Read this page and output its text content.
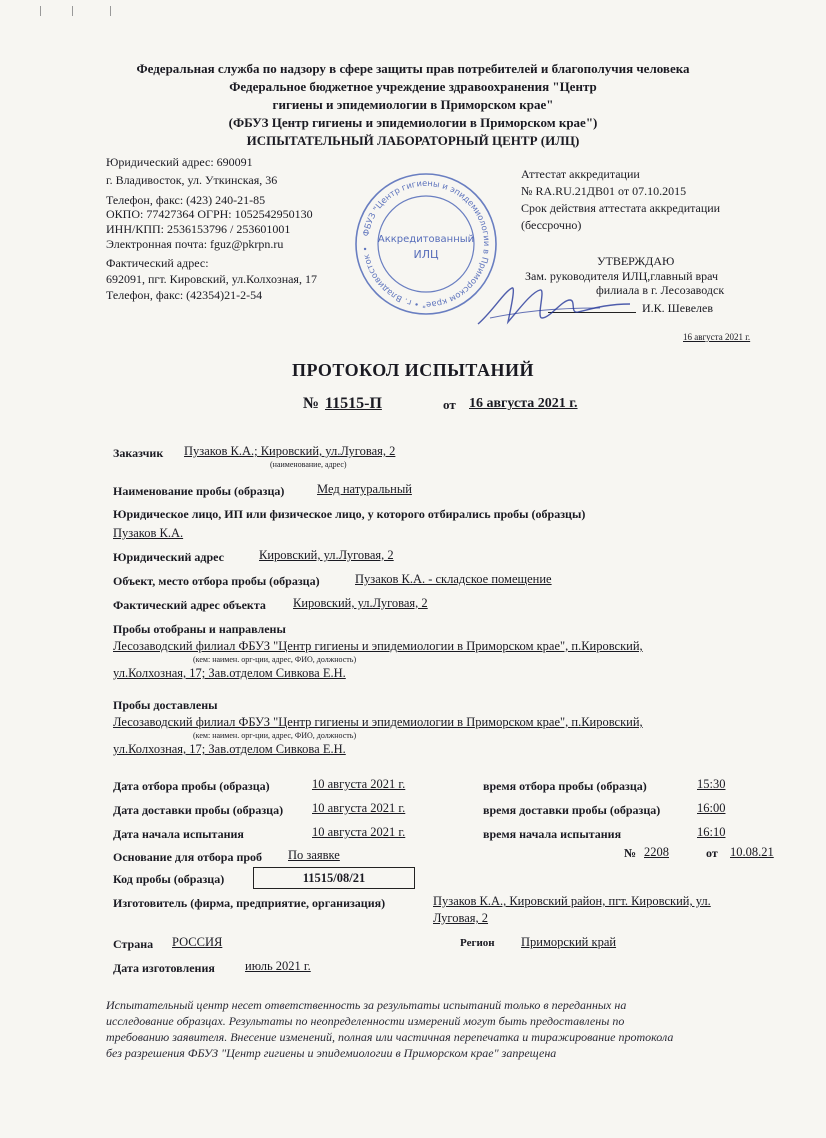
Федеральная служба по надзору в сфере защиты прав потребителей и благополучия человека
Федеральное бюджетное учреждение здравоохранения "Центр
гигиены и эпидемиологии в Приморском крае"
(ФБУЗ Центр гигиены и эпидемиологии в Приморском крае")
ИСПЫТАТЕЛЬНЫЙ ЛАБОРАТОРНЫЙ ЦЕНТР (ИЛЦ)
Юридический адрес: 690091
г. Владивосток, ул. Уткинская, 36
Телефон, факс: (423) 240-21-85
ОКПО: 77427364 ОГРН: 1052542950130
ИНН/КПП: 2536153796 / 253601001
Электронная почта: fguz@pkrpn.ru
Фактический адрес:
692091, пгт. Кировский, ул.Колхозная, 17
Телефон, факс: (42354)21-2-54
Аттестат аккредитации
№ RA.RU.21ДВ01 от 07.10.2015
Срок действия аттестата аккредитации
(бессрочно)
ФБУЗ "Центр гигиены и эпидемиологии в Приморском крае" • г. Владивосток •
Аккредитованный
ИЛЦ	УТВЕРЖДАЮ
Зам. руководителя ИЛЦ,главный врач
филиала в г. Лесозаводск
И.К. Шевелев
16 августа 2021 г.
ПРОТОКОЛ ИСПЫТАНИЙ
№ 11515-П	от 16 августа 2021 г.
Заказчик Пузаков К.А.; Кировский, ул.Луговая, 2
(наименование, адрес)
Наименование пробы (образца)	Мед натуральный
Юридическое лицо, ИП или физическое лицо, у которого отбирались пробы (образцы)
Пузаков К.А.
Юридический адрес	Кировский, ул.Луговая, 2
Объект, место отбора пробы (образца)	Пузаков К.А. - складское помещение
Фактический адрес объекта Кировский, ул.Луговая, 2
Пробы отобраны и направлены
Лесозаводский филиал ФБУЗ "Центр гигиены и эпидемиологии в Приморском крае", п.Кировский,
(кем: наимен. орг-ции, адрес, ФИО, должность)
ул.Колхозная, 17; Зав.отделом Сивкова Е.Н.
Пробы доставлены
Лесозаводский филиал ФБУЗ "Центр гигиены и эпидемиологии в Приморском крае", п.Кировский,
(кем: наимен. орг-ции, адрес, ФИО, должность)
ул.Колхозная, 17; Зав.отделом Сивкова Е.Н.
Дата отбора пробы (образца)	10 августа 2021 г.	время отбора пробы (образца)	15:30
Дата доставки пробы (образца) 10 августа 2021 г.	время доставки пробы (образца)	16:00
Дата начала испытания	10 августа 2021 г.	время начала испытания	16:10
Основание для отбора проб По заявке	№ 2208	от 10.08.21
Код пробы (образца)	11515/08/21
Изготовитель (фирма, предприятие, организация)	Пузаков К.А., Кировский район, пгт. Кировский, ул.
Луговая, 2
Страна РОССИЯ	Регион Приморский край
Дата изготовления июль 2021 г.
Испытательный центр несет ответственность за результаты испытаний только в переданных на
исследование образцах. Результаты по неопределенности измерений могут быть предоставлены по
требованию заявителя. Внесение изменений, полная или частичная перепечатка и тиражирование протокола
без разрешения ФБУЗ "Центр гигиены и эпидемиологии в Приморском крае" запрещена
